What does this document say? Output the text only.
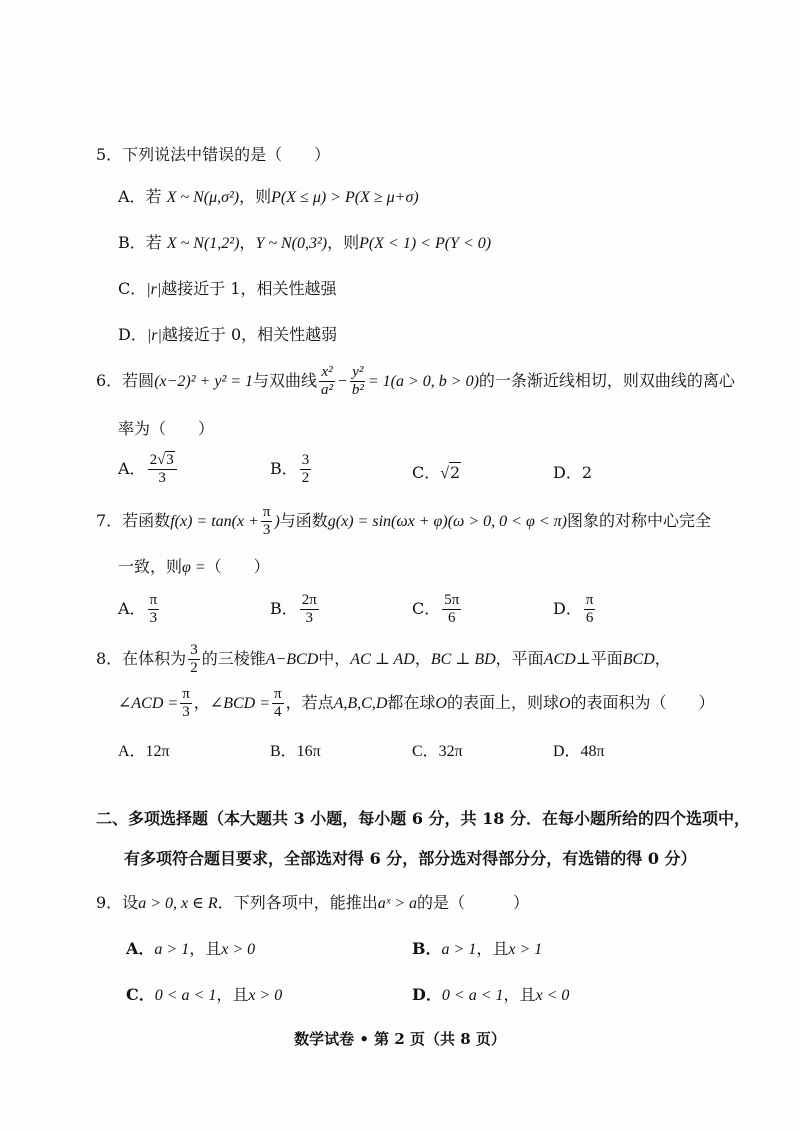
5．下列说法中错误的是（　　）
A．若 X ~ N(μ,σ²)，则P(X ≤ μ) > P(X ≥ μ+σ)
B．若 X ~ N(1,2²)，Y ~ N(0,3²)，则P(X < 1) < P(Y < 0)
C．|r|越接近于 1，相关性越强
D．|r|越接近于 0，相关性越弱
6．若圆(x−2)² + y² = 1与双曲线 $\frac{\text{x²}}{\text{a²}} - \frac{\text{y²}}{\text{b²}} = 1(a > 0$, b > 0)的一条渐近线相切，则双曲线的离心
率为（　　）
A． $\frac{2√3}{3}$	B． $\frac{3}{2}$	C．√2	D．2
7．若函数$f(x) = \tan(x + \frac{\pi}{3}$ )与函数g(x) = sin(ωx + φ)(ω > 0, 0 < φ < π)图象的对称中心完全
一致，则φ =（　　）
A． $\frac{\pi}{3}$	B． $\frac{2\pi}{3}$	C． $\frac{5\pi}{6}$	D． $\frac{\pi}{6}$
8．在体积为 $\frac{3}{2}$ 的三棱锥A−BCD中，AC ⊥ AD，BC ⊥ BD，平面ACD⊥平面BCD，
∠ACD = $\frac{\pi}{3}$ ，∠BCD = $\frac{\pi}{4}$ ，若点A,B,C,D都在球O的表面上，则球O的表面积为（　　）
A．12π	B．16π	C．32π	D．48π
二、多项选择题（本大题共 3 小题，每小题 6 分，共 18 分．在每小题所给的四个选项中，
有多项符合题目要求，全部选对得 6 分，部分选对得部分分，有选错的得 0 分）
9．设a > 0, x ∈ R．下列各项中，能推出aˣ > a的是（　　　）
A．a > 1，且x > 0	B．a > 1，且x > 1
C．0 < a < 1，且x > 0	D．0 < a < 1，且x < 0
数学试卷 • 第 2 页（共 8 页）
